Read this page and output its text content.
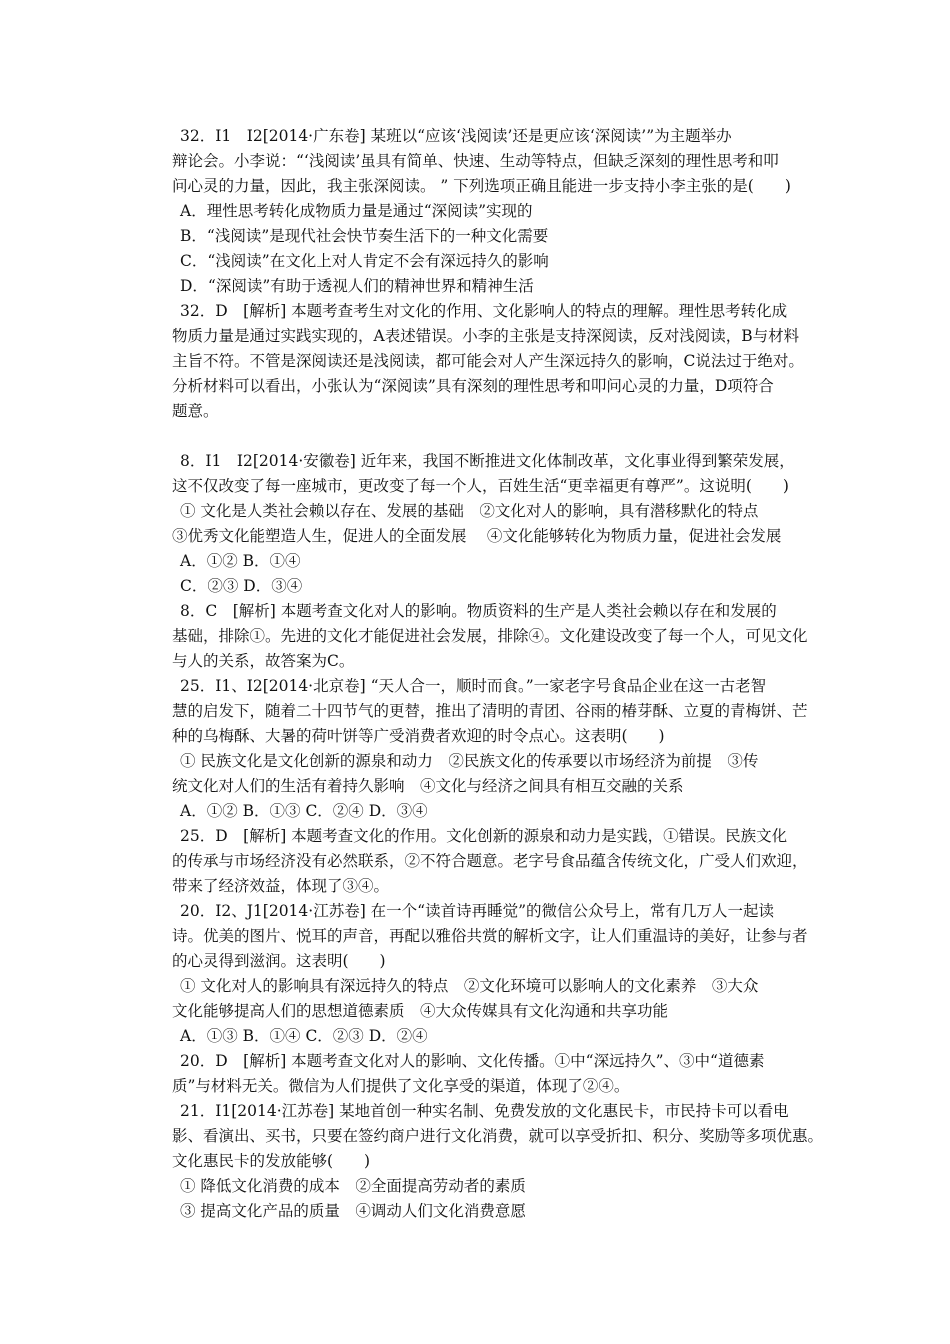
32．I1　I2[2014·广东卷] 某班以“应该‘浅阅读’还是更应该‘深阅读’”为主题举办
辩论会。小李说：“‘浅阅读’虽具有简单、快速、生动等特点，但缺乏深刻的理性思考和叩
问心灵的力量，因此，我主张深阅读。 ” 下列选项正确且能进一步支持小李主张的是(　　)
A．理性思考转化成物质力量是通过“深阅读”实现的
B．“浅阅读”是现代社会快节奏生活下的一种文化需要
C．“浅阅读”在文化上对人肯定不会有深远持久的影响
D．“深阅读”有助于透视人们的精神世界和精神生活
32．D　[解析] 本题考查考生对文化的作用、文化影响人的特点的理解。理性思考转化成
物质力量是通过实践实现的，A表述错误。小李的主张是支持深阅读，反对浅阅读，B与材料
主旨不符。不管是深阅读还是浅阅读，都可能会对人产生深远持久的影响，C说法过于绝对。
分析材料可以看出，小张认为“深阅读”具有深刻的理性思考和叩问心灵的力量，D项符合
题意。
8．I1　I2[2014·安徽卷] 近年来，我国不断推进文化体制改革，文化事业得到繁荣发展，
这不仅改变了每一座城市，更改变了每一个人，百姓生活“更幸福更有尊严”。这说明(　　)
① 文化是人类社会赖以存在、发展的基础　②文化对人的影响，具有潜移默化的特点
③优秀文化能塑造人生，促进人的全面发展　 ④文化能够转化为物质力量，促进社会发展
A．①② B．①④
C．②③ D．③④
8．C　[解析] 本题考查文化对人的影响。物质资料的生产是人类社会赖以存在和发展的
基础，排除①。先进的文化才能促进社会发展，排除④。文化建设改变了每一个人，可见文化
与人的关系，故答案为C。
25．I1、I2[2014·北京卷] “天人合一，顺时而食。”一家老字号食品企业在这一古老智
慧的启发下，随着二十四节气的更替，推出了清明的青团、谷雨的椿芽酥、立夏的青梅饼、芒
种的乌梅酥、大暑的荷叶饼等广受消费者欢迎的时令点心。这表明(　　)
① 民族文化是文化创新的源泉和动力　②民族文化的传承要以市场经济为前提　③传
统文化对人们的生活有着持久影响　④文化与经济之间具有相互交融的关系
A．①② B．①③ C．②④ D．③④
25．D　[解析] 本题考查文化的作用。文化创新的源泉和动力是实践，①错误。民族文化
的传承与市场经济没有必然联系，②不符合题意。老字号食品蕴含传统文化，广受人们欢迎，
带来了经济效益，体现了③④。
20．I2、J1[2014·江苏卷] 在一个“读首诗再睡觉”的微信公众号上，常有几万人一起读
诗。优美的图片、悦耳的声音，再配以雅俗共赏的解析文字，让人们重温诗的美好，让参与者
的心灵得到滋润。这表明(　　)
① 文化对人的影响具有深远持久的特点　②文化环境可以影响人的文化素养　③大众
文化能够提高人们的思想道德素质　④大众传媒具有文化沟通和共享功能
A．①③ B．①④ C．②③ D．②④
20．D　[解析] 本题考查文化对人的影响、文化传播。①中“深远持久”、③中“道德素
质”与材料无关。微信为人们提供了文化享受的渠道，体现了②④。
21．I1[2014·江苏卷] 某地首创一种实名制、免费发放的文化惠民卡，市民持卡可以看电
影、看演出、买书，只要在签约商户进行文化消费，就可以享受折扣、积分、奖励等多项优惠。
文化惠民卡的发放能够(　　)
① 降低文化消费的成本　②全面提高劳动者的素质
③ 提高文化产品的质量　④调动人们文化消费意愿
